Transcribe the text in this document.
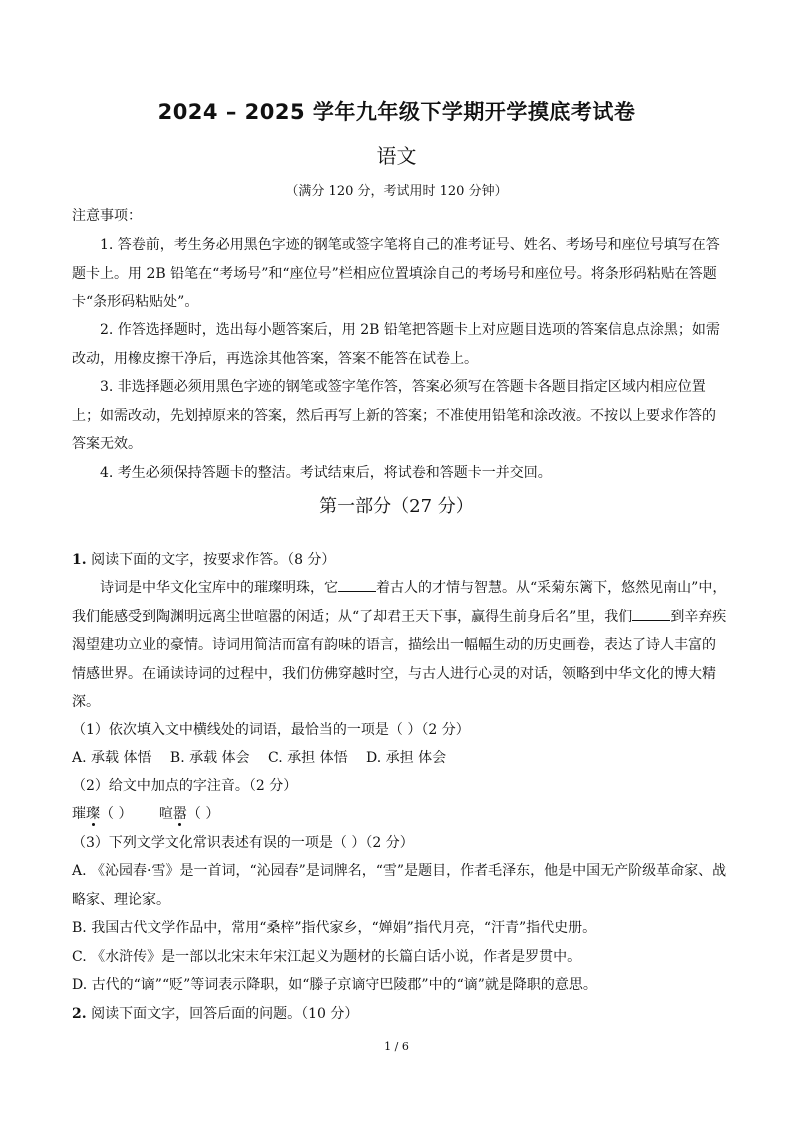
2024 – 2025 学年九年级下学期开学摸底考试卷
语文
（满分 120 分，考试用时 120 分钟）
注意事项：
1. 答卷前，考生务必用黑色字迹的钢笔或签字笔将自己的准考证号、姓名、考场号和座位号填写在答题卡上。用 2B 铅笔在“考场号”和“座位号”栏相应位置填涂自己的考场号和座位号。将条形码粘贴在答题卡“条形码粘贴处”。
2. 作答选择题时，选出每小题答案后，用 2B 铅笔把答题卡上对应题目选项的答案信息点涂黑；如需改动，用橡皮擦干净后，再选涂其他答案，答案不能答在试卷上。
3. 非选择题必须用黑色字迹的钢笔或签字笔作答，答案必须写在答题卡各题目指定区域内相应位置上；如需改动，先划掉原来的答案，然后再写上新的答案；不准使用铅笔和涂改液。不按以上要求作答的答案无效。
4. 考生必须保持答题卡的整洁。考试结束后，将试卷和答题卡一并交回。
第一部分（27 分）
1. 阅读下面的文字，按要求作答。（8 分）
诗词是中华文化宝库中的璀璨明珠，它	着古人的才情与智慧。从“采菊东篱下，悠然见南山”中，我们能感受到陶渊明远离尘世喧嚣的闲适；从“了却君王天下事，赢得生前身后名”里，我们	到辛弃疾渴望建功立业的豪情。诗词用简洁而富有韵味的语言，描绘出一幅幅生动的历史画卷，表达了诗人丰富的情感世界。在诵读诗词的过程中，我们仿佛穿越时空，与古人进行心灵的对话，领略到中华文化的博大精深。
（1）依次填入文中横线处的词语，最恰当的一项是（ ）（2 分）
A. 承载 体悟 B. 承载 体会 C. 承担 体悟 D. 承担 体会
（2）给文中加点的字注音。（2 分）
璀璨（ ） 喧嚣（ ）
（3）下列文学文化常识表述有误的一项是（ ）（2 分）
A. 《沁园春·雪》是一首词，“沁园春”是词牌名，“雪”是题目，作者毛泽东，他是中国无产阶级革命家、战略家、理论家。
B. 我国古代文学作品中，常用“桑梓”指代家乡，“婵娟”指代月亮，“汗青”指代史册。
C. 《水浒传》是一部以北宋末年宋江起义为题材的长篇白话小说，作者是罗贯中。
D. 古代的“谪”“贬”等词表示降职，如“滕子京谪守巴陵郡”中的“谪”就是降职的意思。
2. 阅读下面文字，回答后面的问题。（10 分）
1 / 6
